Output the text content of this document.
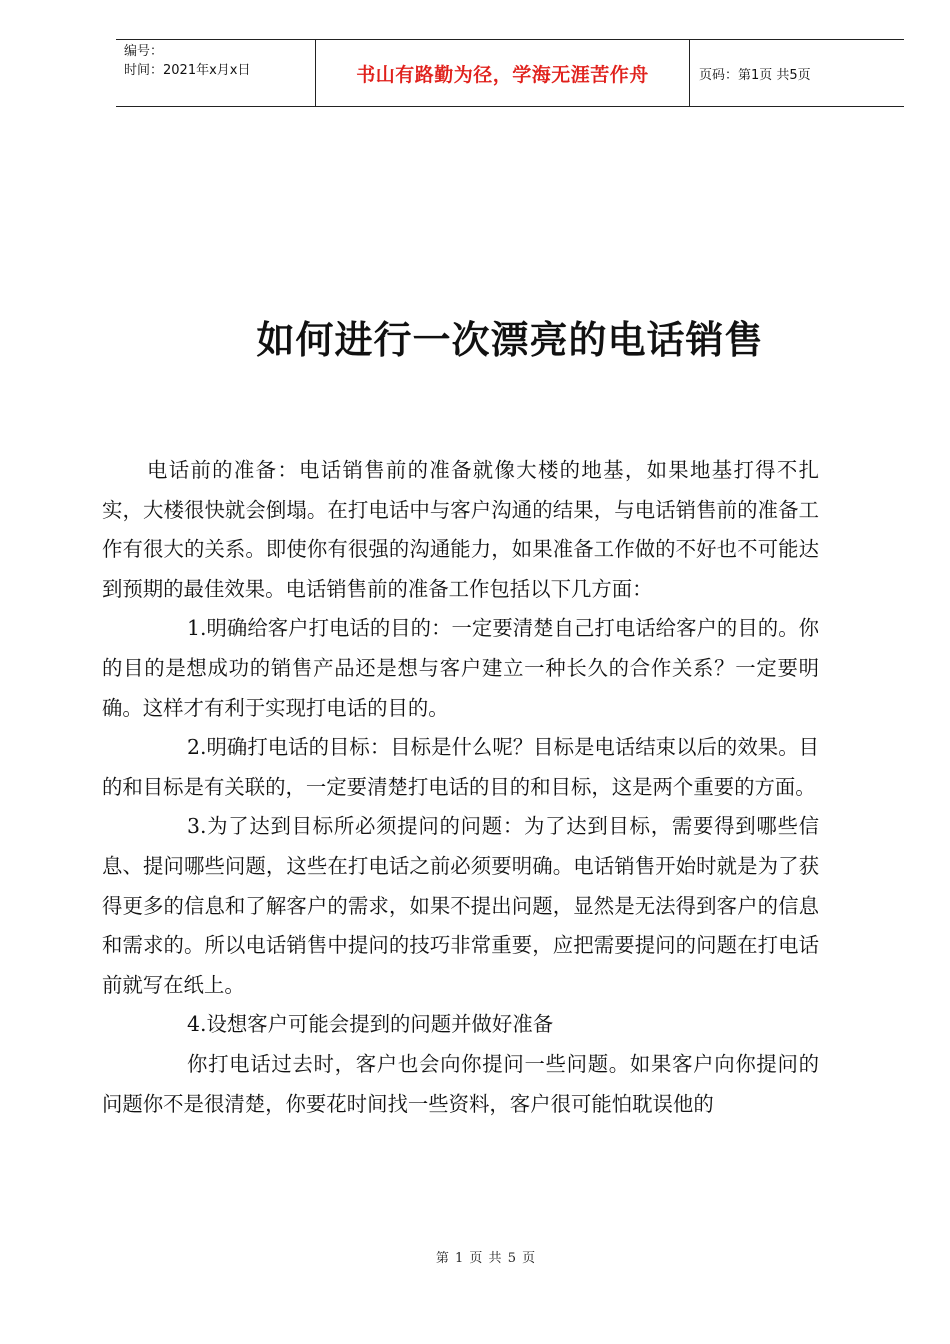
编号：
时间：2021年x月x日	书山有路勤为径，学海无涯苦作舟	页码：第1页 共5页
如何进行一次漂亮的电话销售

电话前的准备：电话销售前的准备就像大楼的地基，如果地基打得不扎实，大楼很快就会倒塌。在打电话中与客户沟通的结果，与电话销售前的准备工作有很大的关系。即使你有很强的沟通能力，如果准备工作做的不好也不可能达到预期的最佳效果。电话销售前的准备工作包括以下几方面：

1.明确给客户打电话的目的：一定要清楚自己打电话给客户的目的。你的目的是想成功的销售产品还是想与客户建立一种长久的合作关系？一定要明确。这样才有利于实现打电话的目的。

2.明确打电话的目标：目标是什么呢？目标是电话结束以后的效果。目的和目标是有关联的，一定要清楚打电话的目的和目标，这是两个重要的方面。

3.为了达到目标所必须提问的问题：为了达到目标，需要得到哪些信息、提问哪些问题，这些在打电话之前必须要明确。电话销售开始时就是为了获得更多的信息和了解客户的需求，如果不提出问题，显然是无法得到客户的信息和需求的。所以电话销售中提问的技巧非常重要，应把需要提问的问题在打电话前就写在纸上。

4.设想客户可能会提到的问题并做好准备

你打电话过去时，客户也会向你提问一些问题。如果客户向你提问的问题你不是很清楚，你要花时间找一些资料，客户很可能怕耽误他的

第 1 页 共 5 页
